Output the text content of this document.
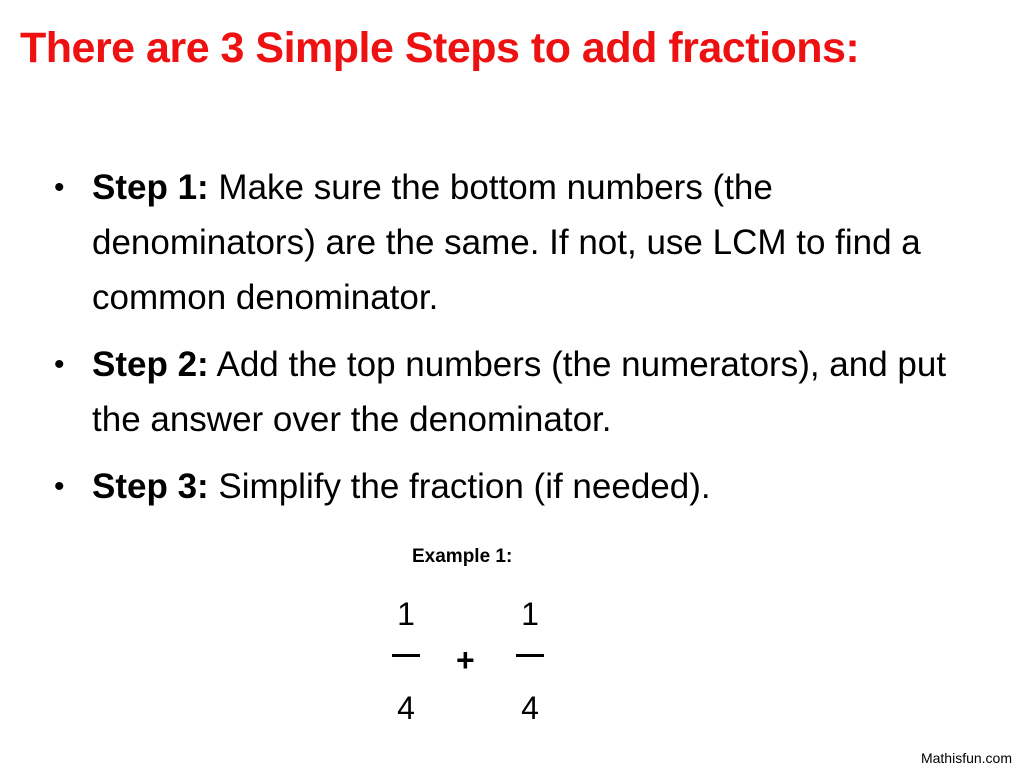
There are 3 Simple Steps to add fractions:
• Step 1: Make sure the bottom numbers (the denominators) are the same. If not, use LCM to find a common denominator.
• Step 2: Add the top numbers (the numerators), and put the answer over the denominator.
• Step 3: Simplify the fraction (if needed).
Example 1:
1
4
+
1
4
Mathisfun.com
